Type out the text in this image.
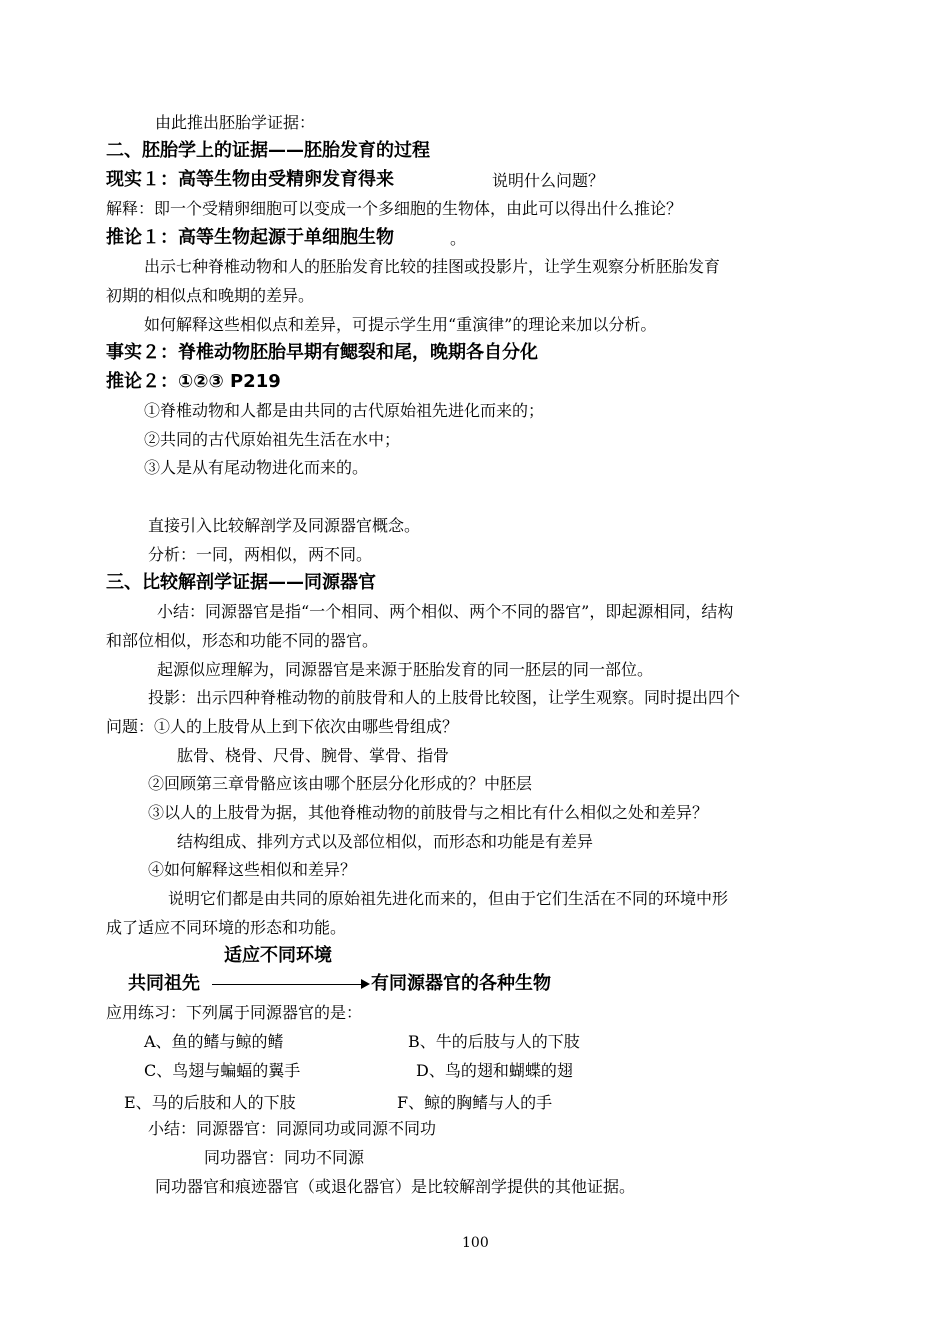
由此推出胚胎学证据：
二、胚胎学上的证据——胚胎发育的过程
现实１：高等生物由受精卵发育得来	说明什么问题？
解释：即一个受精卵细胞可以变成一个多细胞的生物体，由此可以得出什么推论？
推论１：高等生物起源于单细胞生物	。
出示七种脊椎动物和人的胚胎发育比较的挂图或投影片，让学生观察分析胚胎发育
初期的相似点和晚期的差异。
如何解释这些相似点和差异，可提示学生用“重演律”的理论来加以分析。
事实２：脊椎动物胚胎早期有鳃裂和尾，晚期各自分化
推论２：①②③ P219
①脊椎动物和人都是由共同的古代原始祖先进化而来的；
②共同的古代原始祖先生活在水中；
③人是从有尾动物进化而来的。
直接引入比较解剖学及同源器官概念。
分析：一同，两相似，两不同。
三、比较解剖学证据——同源器官
小结：同源器官是指“一个相同、两个相似、两个不同的器官”，即起源相同，结构
和部位相似，形态和功能不同的器官。
起源似应理解为，同源器官是来源于胚胎发育的同一胚层的同一部位。
投影：出示四种脊椎动物的前肢骨和人的上肢骨比较图，让学生观察。同时提出四个
问题：①人的上肢骨从上到下依次由哪些骨组成？
肱骨、桡骨、尺骨、腕骨、掌骨、指骨
②回顾第三章骨骼应该由哪个胚层分化形成的？中胚层
③以人的上肢骨为据，其他脊椎动物的前肢骨与之相比有什么相似之处和差异？
结构组成、排列方式以及部位相似，而形态和功能是有差异
④如何解释这些相似和差异？
说明它们都是由共同的原始祖先进化而来的，但由于它们生活在不同的环境中形
成了适应不同环境的形态和功能。
适应不同环境
共同祖先	有同源器官的各种生物
应用练习：下列属于同源器官的是：
A、鱼的鳍与鲸的鳍	B、牛的后肢与人的下肢
C、鸟翅与蝙蝠的翼手	D、鸟的翅和蝴蝶的翅
E、马的后肢和人的下肢	F、鲸的胸鳍与人的手
小结：同源器官：同源同功或同源不同功
同功器官：同功不同源
同功器官和痕迹器官（或退化器官）是比较解剖学提供的其他证据。
100
